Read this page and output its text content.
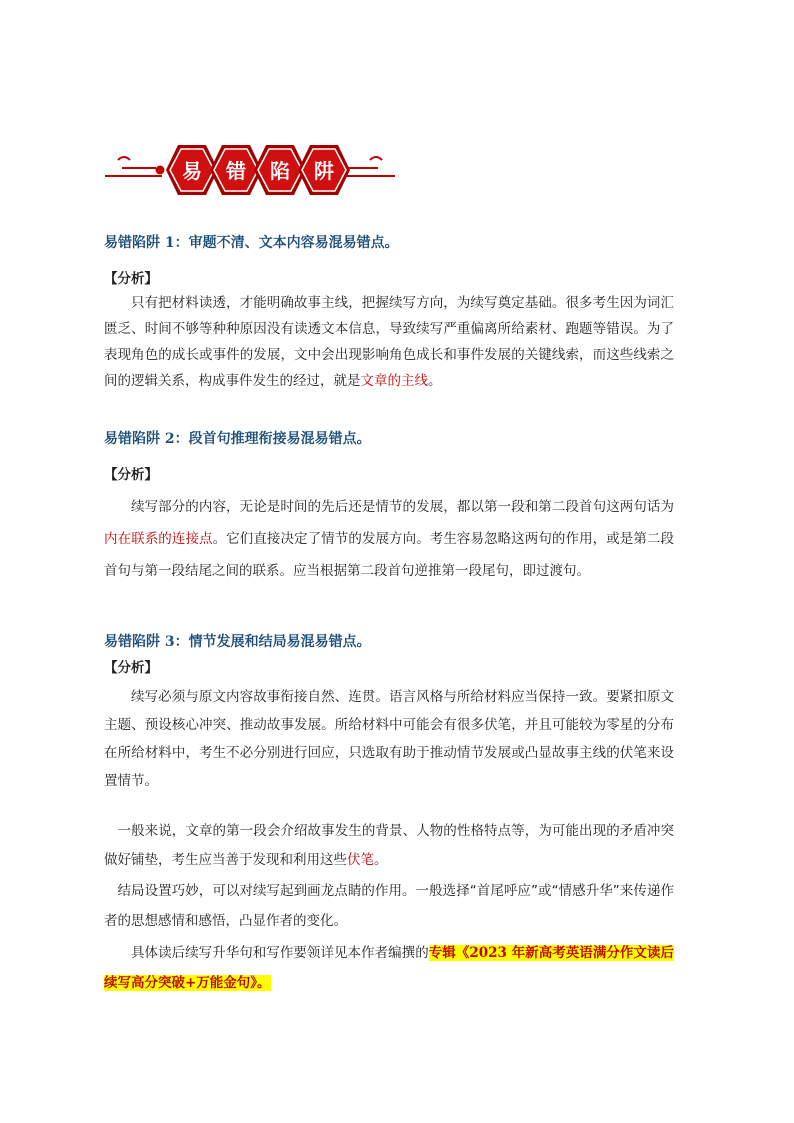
易 错 陷 阱
易错陷阱 1：审题不清、文本内容易混易错点。
【分析】
只有把材料读透，才能明确故事主线，把握续写方向，为续写奠定基础。很多考生因为词汇匮乏、时间不够等种种原因没有读透文本信息，导致续写严重偏离所给素材、跑题等错误。为了表现角色的成长或事件的发展，文中会出现影响角色成长和事件发展的关键线索，而这些线索之间的逻辑关系，构成事件发生的经过，就是文章的主线。
易错陷阱 2：段首句推理衔接易混易错点。
【分析】
续写部分的内容，无论是时间的先后还是情节的发展，都以第一段和第二段首句这两句话为内在联系的连接点。它们直接决定了情节的发展方向。考生容易忽略这两句的作用，或是第二段首句与第一段结尾之间的联系。应当根据第二段首句逆推第一段尾句，即过渡句。
易错陷阱 3：情节发展和结局易混易错点。
【分析】
续写必须与原文内容故事衔接自然、连贯。语言风格与所给材料应当保持一致。要紧扣原文主题、预设核心冲突、推动故事发展。所给材料中可能会有很多伏笔，并且可能较为零星的分布在所给材料中，考生不必分别进行回应，只选取有助于推动情节发展或凸显故事主线的伏笔来设置情节。
一般来说，文章的第一段会介绍故事发生的背景、人物的性格特点等，为可能出现的矛盾冲突做好铺垫，考生应当善于发现和利用这些伏笔。
结局设置巧妙，可以对续写起到画龙点睛的作用。一般选择“首尾呼应”或“情感升华”来传递作者的思想感情和感悟，凸显作者的变化。
具体读后续写升华句和写作要领详见本作者编撰的专辑《2023 年新高考英语满分作文读后续写高分突破+万能金句》。
